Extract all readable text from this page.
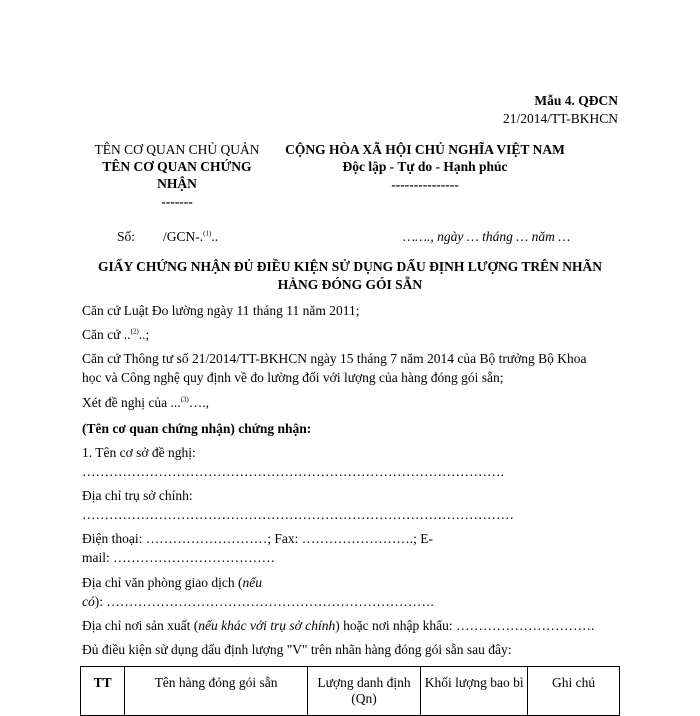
Mẫu 4. QĐCN
21/2014/TT-BKHCN
TÊN CƠ QUAN CHỦ QUẢN
TÊN CƠ QUAN CHỨNG
NHẬN
-------
CỘNG HÒA XÃ HỘI CHỦ NGHĨA VIỆT NAM
Độc lập - Tự do - Hạnh phúc
---------------
Số: /GCN-.$^{(1)}$..	……., ngày … tháng … năm …
GIẤY CHỨNG NHẬN ĐỦ ĐIỀU KIỆN SỬ DỤNG DẤU ĐỊNH LƯỢNG TRÊN NHÃN
HÀNG ĐÓNG GÓI SẴN
Căn cứ Luật Đo lường ngày 11 tháng 11 năm 2011;
Căn cứ ..$^{(2)}$..;
Căn cứ Thông tư số 21/2014/TT-BKHCN ngày 15 tháng 7 năm 2014 của Bộ trưởng Bộ Khoa
học và Công nghệ quy định về đo lường đối với lượng của hàng đóng gói sẵn;
Xét đề nghị của ...$^{(3)}$….,
(Tên cơ quan chứng nhận) chứng nhận:
1. Tên cơ sở đề nghị:
………………………………………………………………………………….
Địa chỉ trụ sở chính:
……………………………………………………………………………………
Điện thoại: ………………………; Fax: …………………….; E-
mail: ………………………………
Địa chỉ văn phòng giao dịch (nếu
có): ……………………………………………………………….
Địa chỉ nơi sản xuất (nếu khác với trụ sở chính) hoặc nơi nhập khẩu: ………………………….
Đủ điều kiện sử dụng dấu định lượng "V" trên nhãn hàng đóng gói sẵn sau đây:
TT	Tên hàng đóng gói sẵn	Lượng danh định (Qn)	Khối lượng bao bì	Ghi chú
